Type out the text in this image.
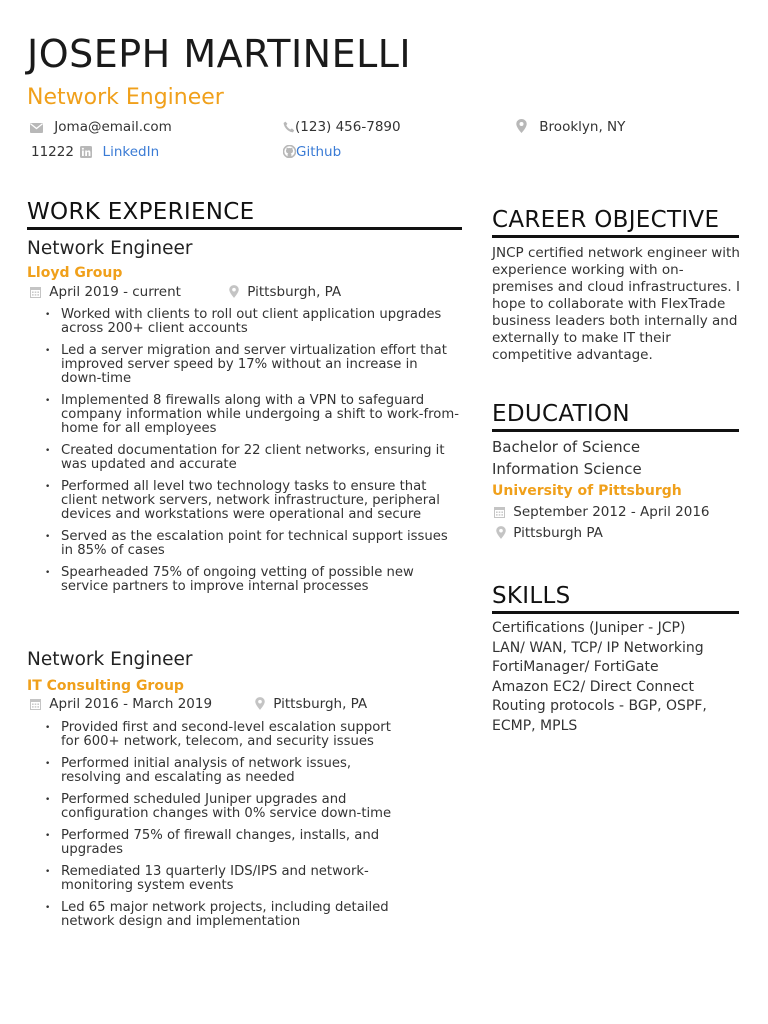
JOSEPH MARTINELLI
Network Engineer
Joma@email.com	(123) 456-7890	Brooklyn, NY
11222 LinkedIn	Github
WORK EXPERIENCE
Network Engineer
Lloyd Group
April 2019 - current	Pittsburgh, PA
• Worked with clients to roll out client application upgrades across 200+ client accounts
• Led a server migration and server virtualization effort that improved server speed by 17% without an increase in down-time
• Implemented 8 firewalls along with a VPN to safeguard company information while undergoing a shift to work-from-home for all employees
• Created documentation for 22 client networks, ensuring it was updated and accurate
• Performed all level two technology tasks to ensure that client network servers, network infrastructure, peripheral devices and workstations were operational and secure
• Served as the escalation point for technical support issues in 85% of cases
• Spearheaded 75% of ongoing vetting of possible new service partners to improve internal processes
Network Engineer
IT Consulting Group
April 2016 - March 2019	Pittsburgh, PA
• Provided first and second-level escalation support for 600+ network, telecom, and security issues
• Performed initial analysis of network issues, resolving and escalating as needed
• Performed scheduled Juniper upgrades and configuration changes with 0% service down-time
• Performed 75% of firewall changes, installs, and upgrades
• Remediated 13 quarterly IDS/IPS and network- monitoring system events
• Led 65 major network projects, including detailed network design and implementation
CAREER OBJECTIVE
JNCP certified network engineer with experience working with on-premises and cloud infrastructures. I hope to collaborate with FlexTrade business leaders both internally and externally to make IT their competitive advantage.
EDUCATION
Bachelor of Science
Information Science
University of Pittsburgh
September 2012 - April 2016  Pittsburgh PA
SKILLS
Certifications (Juniper - JCP)
LAN/ WAN, TCP/ IP Networking
FortiManager/ FortiGate
Amazon EC2/ Direct Connect
Routing protocols - BGP, OSPF, ECMP, MPLS
